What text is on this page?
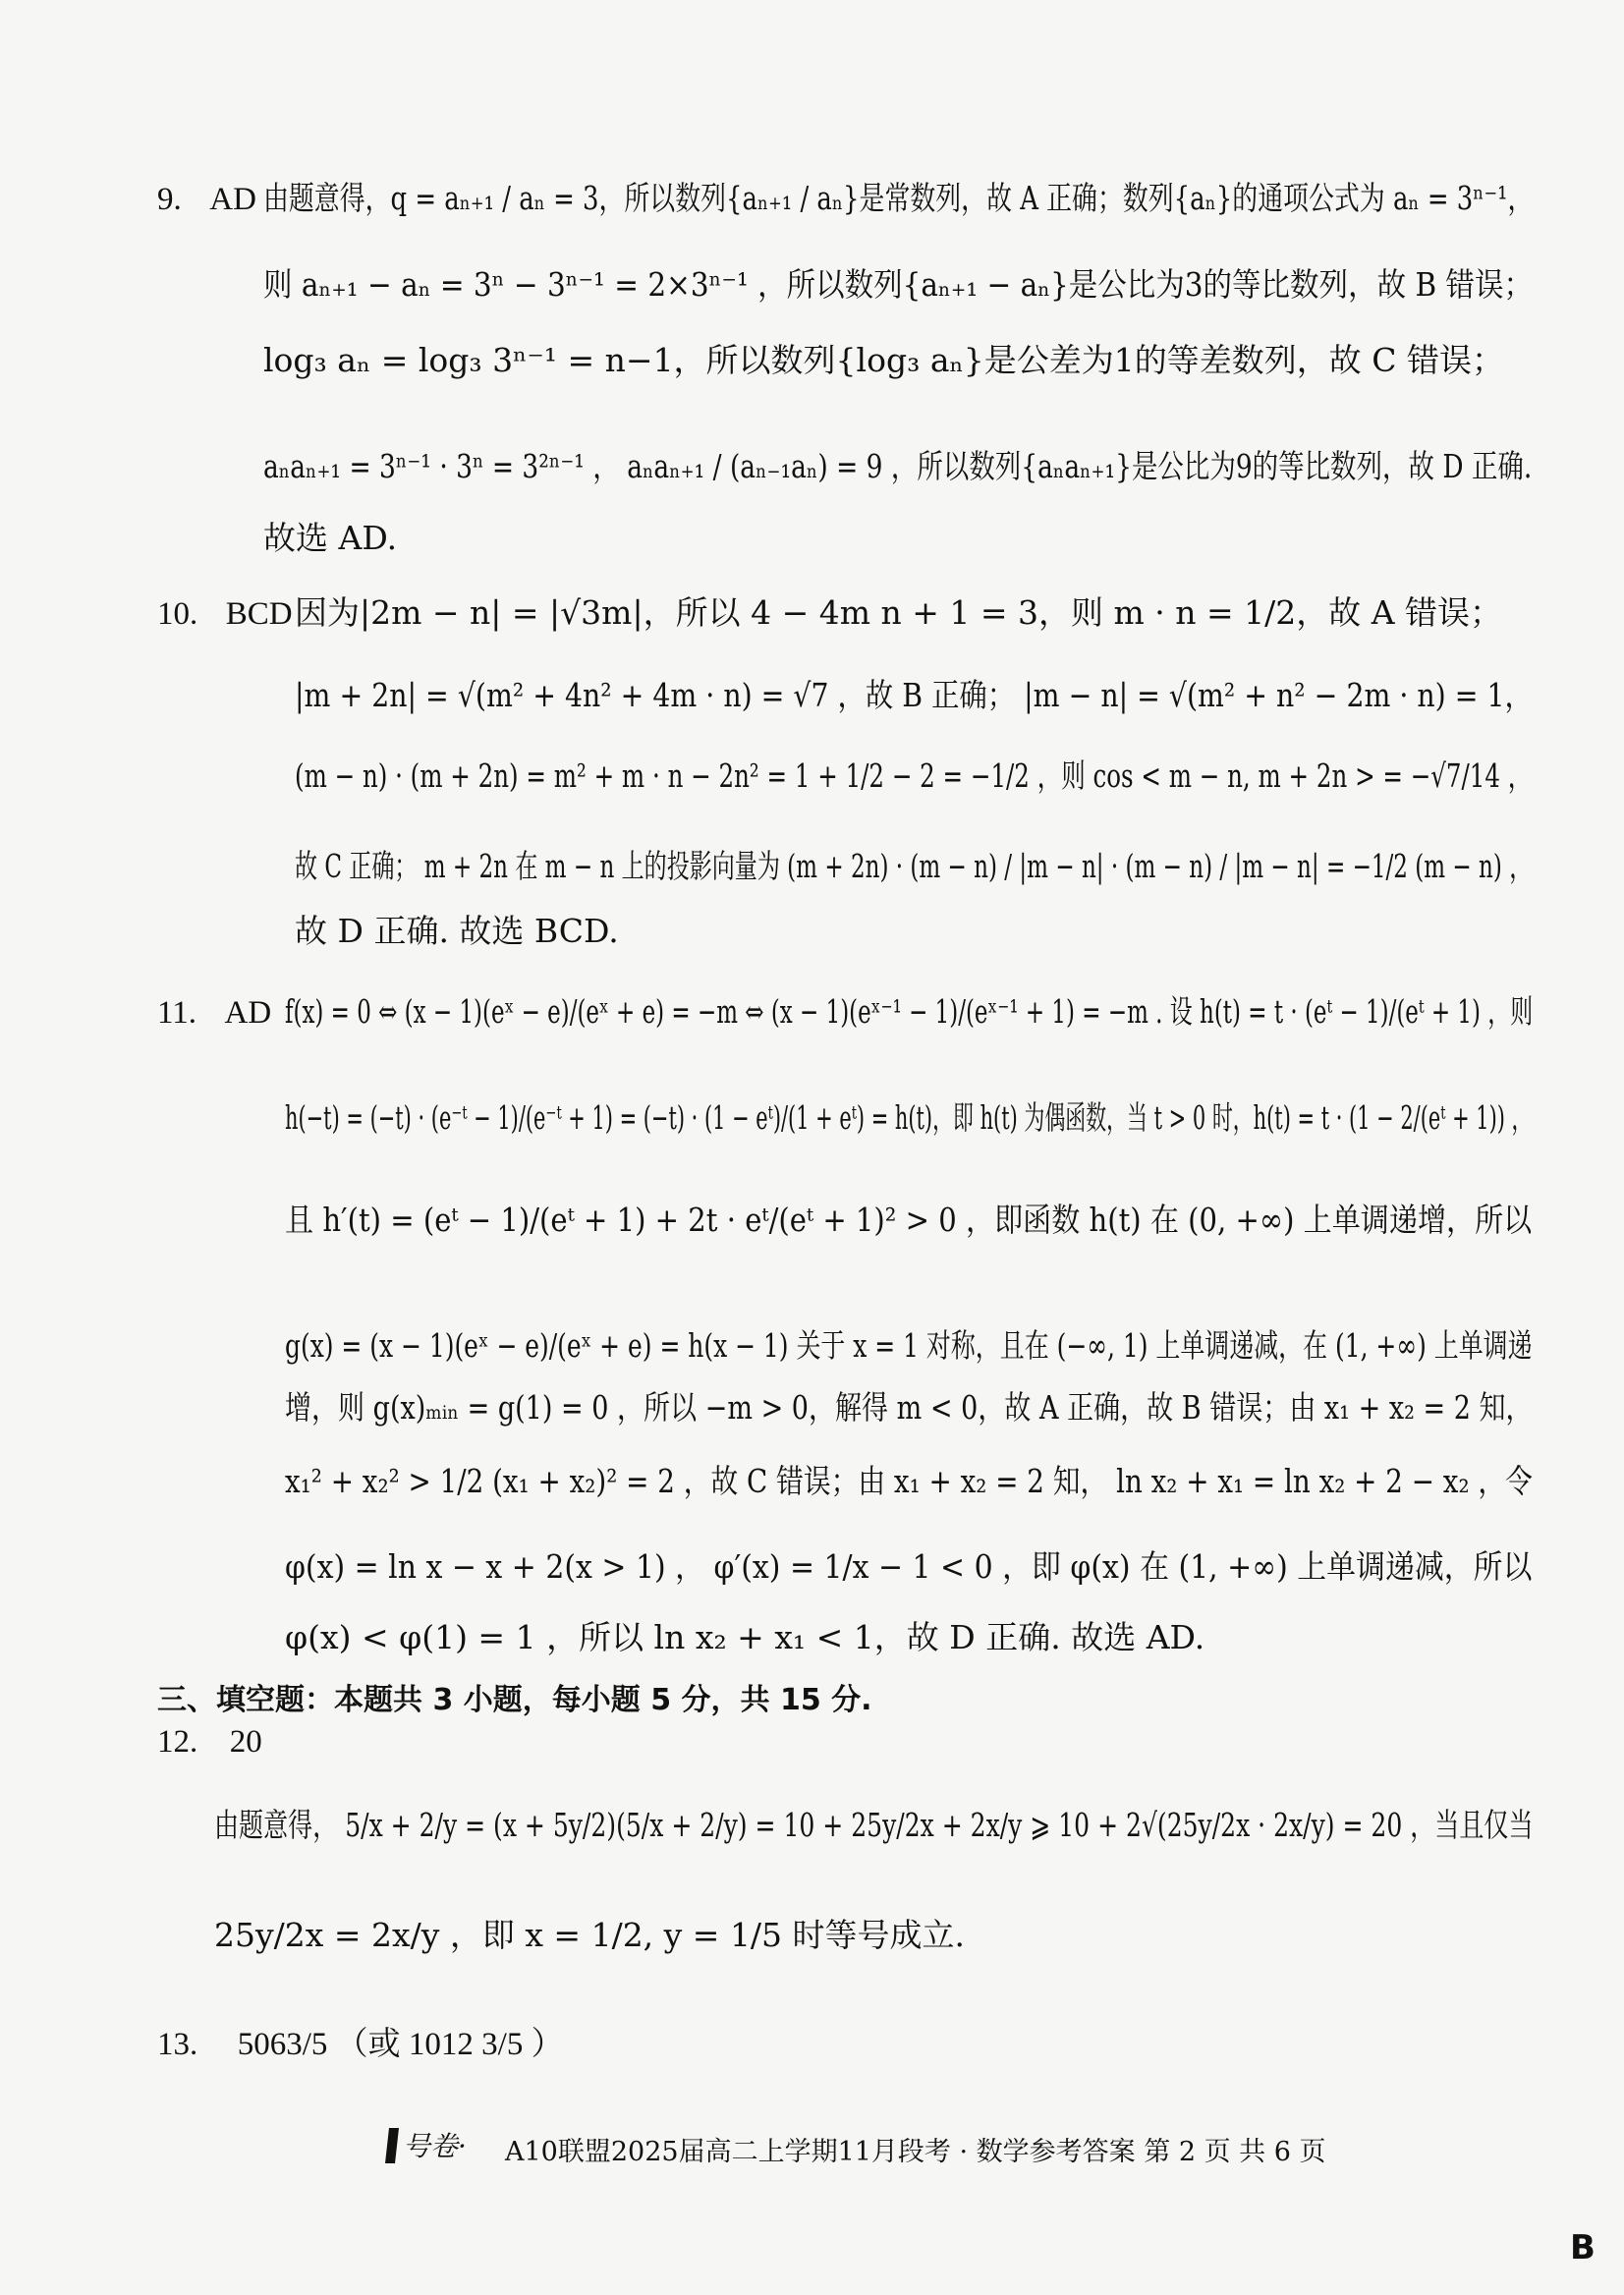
9. AD 由题意得，q = aₙ₊₁ / aₙ = 3，所以数列{aₙ₊₁ / aₙ}是常数列，故 A 正确；数列{aₙ}的通项公式为 aₙ = 3ⁿ⁻¹，
则 aₙ₊₁ − aₙ = 3ⁿ − 3ⁿ⁻¹ = 2×3ⁿ⁻¹ ，所以数列{aₙ₊₁ − aₙ}是公比为3的等比数列，故 B 错误；
log₃ aₙ = log₃ 3ⁿ⁻¹ = n−1，所以数列{log₃ aₙ}是公差为1的等差数列，故 C 错误；
aₙaₙ₊₁ = 3ⁿ⁻¹ · 3ⁿ = 3²ⁿ⁻¹ ， aₙaₙ₊₁ / (aₙ₋₁aₙ) = 9 ，所以数列{aₙaₙ₊₁}是公比为9的等比数列，故 D 正确.
故选 AD.
10. BCD 因为|2m − n| = |√3m|，所以 4 − 4m n + 1 = 3，则 m · n = 1/2，故 A 错误；
|m + 2n| = √(m² + 4n² + 4m · n) = √7 ，故 B 正确； |m − n| = √(m² + n² − 2m · n) = 1，
(m − n) · (m + 2n) = m² + m · n − 2n² = 1 + 1/2 − 2 = −1/2 ，则 cos < m − n, m + 2n > = −√7/14 ，
故 C 正确； m + 2n 在 m − n 上的投影向量为 (m + 2n) · (m − n) / |m − n| · (m − n) / |m − n| = −1/2 (m − n) ，
故 D 正确. 故选 BCD.
11. AD f(x) = 0 ⇔ (x − 1)(eˣ − e)/(eˣ + e) = −m ⇔ (x − 1)(eˣ⁻¹ − 1)/(eˣ⁻¹ + 1) = −m . 设 h(t) = t · (eᵗ − 1)/(eᵗ + 1) ，则
h(−t) = (−t) · (e⁻ᵗ − 1)/(e⁻ᵗ + 1) = (−t) · (1 − eᵗ)/(1 + eᵗ) = h(t)，即 h(t) 为偶函数，当 t > 0 时，h(t) = t · (1 − 2/(eᵗ + 1)) ，
且 h′(t) = (eᵗ − 1)/(eᵗ + 1) + 2t · eᵗ/(eᵗ + 1)² > 0 ，即函数 h(t) 在 (0, +∞) 上单调递增，所以
g(x) = (x − 1)(eˣ − e)/(eˣ + e) = h(x − 1) 关于 x = 1 对称，且在 (−∞, 1) 上单调递减，在 (1, +∞) 上单调递
增，则 g(x)ₘᵢₙ = g(1) = 0 ，所以 −m > 0，解得 m < 0，故 A 正确，故 B 错误；由 x₁ + x₂ = 2 知，
x₁² + x₂² > 1/2 (x₁ + x₂)² = 2 ，故 C 错误；由 x₁ + x₂ = 2 知， ln x₂ + x₁ = ln x₂ + 2 − x₂ ，令
φ(x) = ln x − x + 2(x > 1) ， φ′(x) = 1/x − 1 < 0 ，即 φ(x) 在 (1, +∞) 上单调递减，所以
φ(x) < φ(1) = 1 ，所以 ln x₂ + x₁ < 1，故 D 正确. 故选 AD.
三、填空题：本题共 3 小题，每小题 5 分，共 15 分.
12. 20
由题意得， 5/x + 2/y = (x + 5y/2)(5/x + 2/y) = 10 + 25y/2x + 2x/y ⩾ 10 + 2√(25y/2x · 2x/y) = 20 ，当且仅当
25y/2x = 2x/y ，即 x = 1/2, y = 1/5 时等号成立.
13. 5063/5 （或 1012 3/5 ）
号卷· A10联盟2025届高二上学期11月段考 · 数学参考答案 第 2 页 共 6 页
B
